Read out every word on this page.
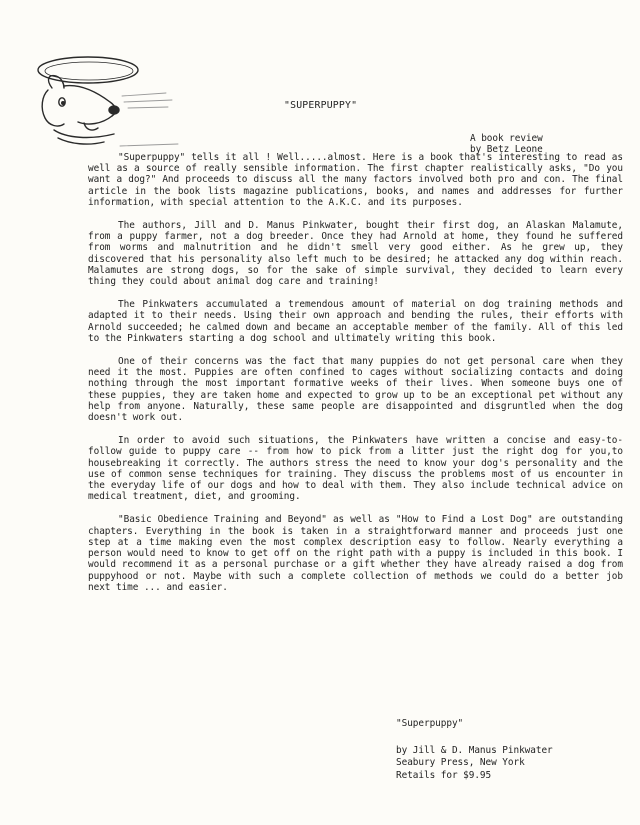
"SUPERPUPPY"
A book review
by Betz Leone

"Superpuppy" tells it all ! Well.....almost. Here is a book that's interesting to read as well as a source of really sensible information. The first chapter realistically asks, "Do you want a dog?" And proceeds to discuss all the many factors involved both pro and con. The final article in the book lists magazine publications, books, and names and addresses for further information, with special attention to the A.K.C. and its purposes.

The authors, Jill and D. Manus Pinkwater, bought their first dog, an Alaskan Malamute, from a puppy farmer, not a dog breeder. Once they had Arnold at home, they found he suffered from worms and malnutrition and he didn't smell very good either. As he grew up, they discovered that his personality also left much to be desired; he attacked any dog within reach. Malamutes are strong dogs, so for the sake of simple survival, they decided to learn every thing they could about animal dog care and training!

The Pinkwaters accumulated a tremendous amount of material on dog training methods and adapted it to their needs. Using their own approach and bending the rules, their efforts with Arnold succeeded; he calmed down and became an acceptable member of the family. All of this led to the Pinkwaters starting a dog school and ultimately writing this book.

One of their concerns was the fact that many puppies do not get personal care when they need it the most. Puppies are often confined to cages without socializing contacts and doing nothing through the most important formative weeks of their lives. When someone buys one of these puppies, they are taken home and expected to grow up to be an exceptional pet without any help from anyone. Naturally, these same people are disappointed and disgruntled when the dog doesn't work out.

In order to avoid such situations, the Pinkwaters have written a concise and easy-to-follow guide to puppy care -- from how to pick from a litter just the right dog for you,to housebreaking it correctly. The authors stress the need to know your dog's personality and the use of common sense techniques for training. They discuss the problems most of us encounter in the everyday life of our dogs and how to deal with them. They also include technical advice on medical treatment, diet, and grooming.

"Basic Obedience Training and Beyond" as well as "How to Find a Lost Dog" are outstanding chapters. Everything in the book is taken in a straightforward manner and proceeds just one step at a time making even the most complex description easy to follow. Nearly everything a person would need to know to get off on the right path with a puppy is included in this book. I would recommend it as a personal purchase or a gift whether they have already raised a dog from puppyhood or not. Maybe with such a complete collection of methods we could do a better job next time ... and easier.

"Superpuppy"
by Jill & D. Manus Pinkwater
Seabury Press, New York
Retails for $9.95
